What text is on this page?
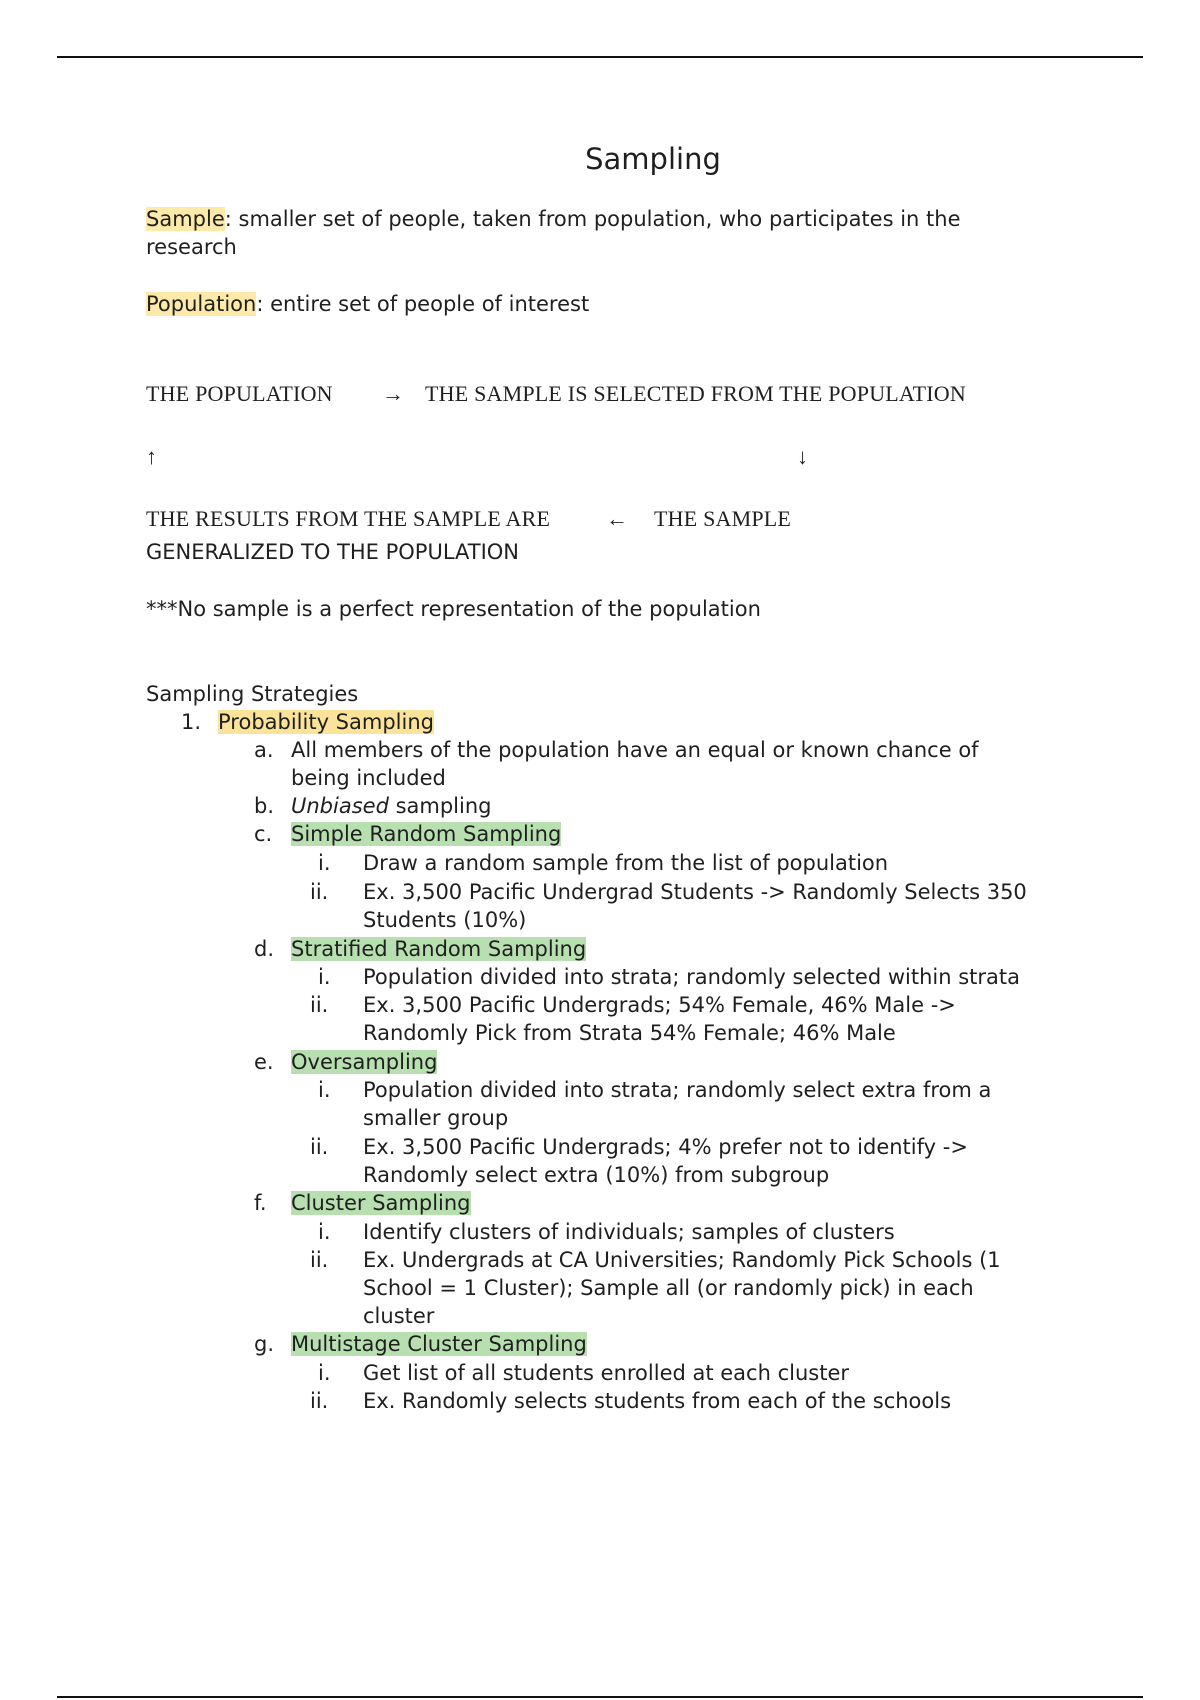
Sampling
Sample: smaller set of people, taken from population, who participates in the
research
Population: entire set of people of interest
THE POPULATION → THE SAMPLE IS SELECTED FROM THE POPULATION
↑	↓
THE RESULTS FROM THE SAMPLE ARE	← THE SAMPLE
GENERALIZED TO THE POPULATION
***No sample is a perfect representation of the population
Sampling Strategies
1. Probability Sampling
a. All members of the population have an equal or known chance of
being included
b. Unbiased sampling
c. Simple Random Sampling
i. Draw a random sample from the list of population
ii. Ex. 3,500 Pacific Undergrad Students -> Randomly Selects 350
Students (10%)
d. Stratified Random Sampling
i. Population divided into strata; randomly selected within strata
ii. Ex. 3,500 Pacific Undergrads; 54% Female, 46% Male ->
Randomly Pick from Strata 54% Female; 46% Male
e. Oversampling
i. Population divided into strata; randomly select extra from a
smaller group
ii. Ex. 3,500 Pacific Undergrads; 4% prefer not to identify ->
Randomly select extra (10%) from subgroup
f. Cluster Sampling
i. Identify clusters of individuals; samples of clusters
ii. Ex. Undergrads at CA Universities; Randomly Pick Schools (1
School = 1 Cluster); Sample all (or randomly pick) in each
cluster
g. Multistage Cluster Sampling
i. Get list of all students enrolled at each cluster
ii. Ex. Randomly selects students from each of the schools
